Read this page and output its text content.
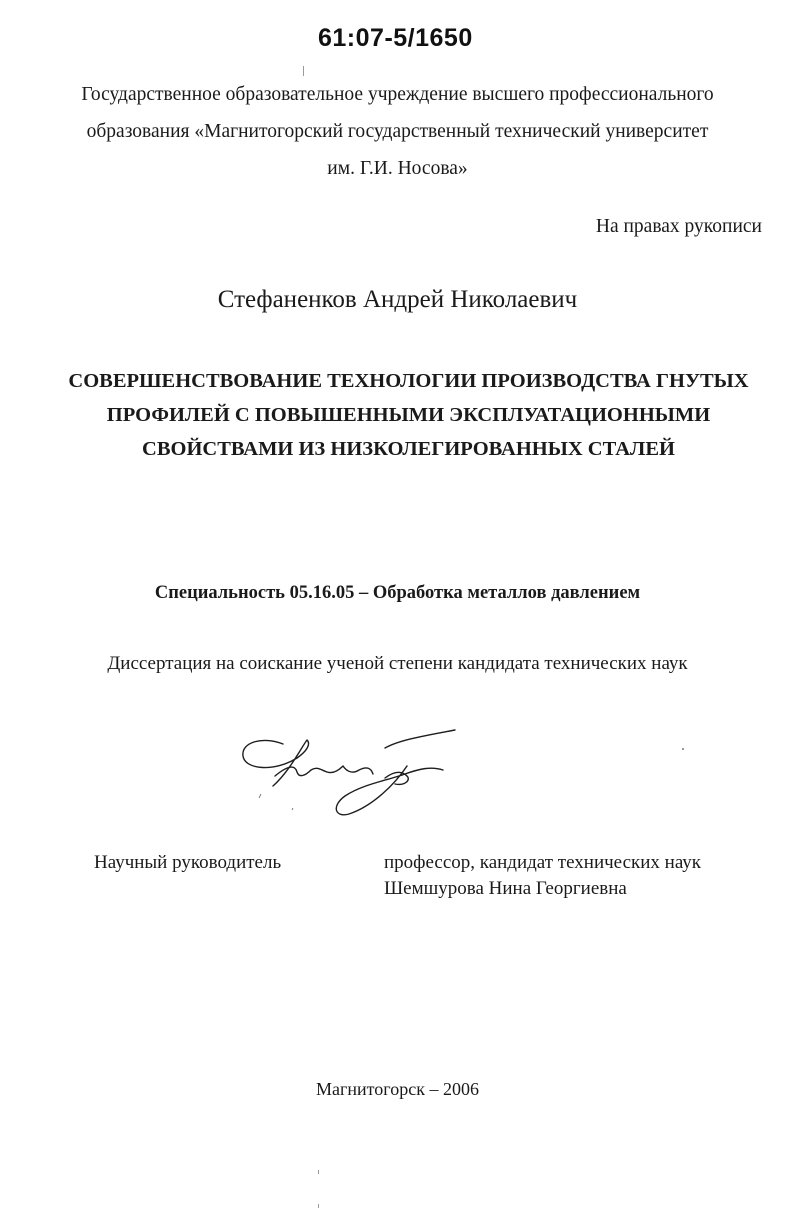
61:07-5/1650
Государственное образовательное учреждение высшего профессионального
образования «Магнитогорский государственный технический университет
им. Г.И. Носова»
На правах рукописи
Стефаненков Андрей Николаевич
СОВЕРШЕНСТВОВАНИЕ ТЕХНОЛОГИИ ПРОИЗВОДСТВА ГНУТЫХ
ПРОФИЛЕЙ С ПОВЫШЕННЫМИ ЭКСПЛУАТАЦИОННЫМИ
СВОЙСТВАМИ ИЗ НИЗКОЛЕГИРОВАННЫХ СТАЛЕЙ
Специальность 05.16.05 – Обработка металлов давлением
Диссертация на соискание ученой степени кандидата технических наук
Научный руководитель	профессор, кандидат технических наук
Шемшурова Нина Георгиевна
Магнитогорск – 2006
